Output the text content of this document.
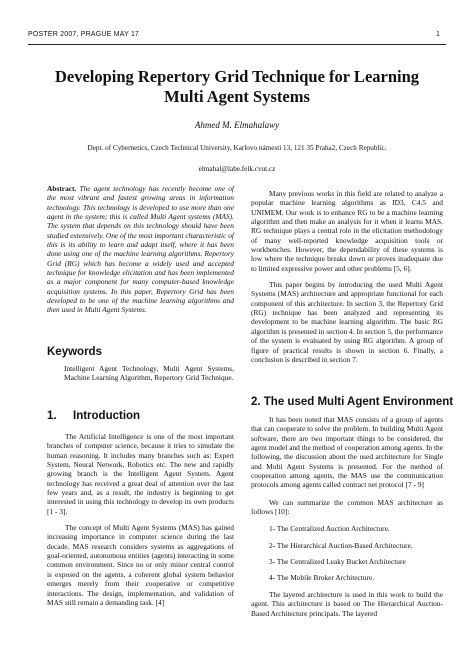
POSTER 2007, PRAGUE MAY 17	1
Developing Repertory Grid Technique for Learning
Multi Agent Systems
Ahmed M. Elmahalawy
Dept. of Cybernetics, Czech Technical University, Karlovo námestí 13, 121 35 Praha2, Czech Republic.
elmahal@labe.felk.cvut.cz

Abstract. The agent technology has recently become one of the most vibrant and fastest growing areas in information technology. This technology is developed to use more than one agent in the system; this is called Multi Agent systems (MAS). The system that depends on this technology should have been studied extensively. One of the most important characteristic of this is its ability to learn and adapt itself, where it has been done using one of the machine learning algorithms. Repertory Grid (RG) which has become a widely used and accepted technique for knowledge elicitation and has been implemented as a major component for many computer-based knowledge acquisition systems. In this paper, Repertory Grid has been developed to be one of the machine learning algorithms and then used in Multi Agent Systems.

Keywords
Intelligent Agent Technology, Multi Agent Systems, Machine Learning Algorithm, Repertory Grid Technique.
1. Introduction

The Artificial Intelligence is one of the most important branches of computer science, because it tries to simulate the human reasoning. It includes many branches such as: Expert System, Neural Network, Robotics etc. The new and rapidly growing branch is the Intelligent Agent System. Agent technology has received a great deal of attention over the last few years and, as a result, the industry is beginning to get interested in using this technology to develop its own products [1 - 3].

The concept of Multi Agent Systems (MAS) has gained increasing importance in computer science during the last decade. MAS research considers systems as aggregations of goal-oriented, autonomous entities (agents) interacting in some common environment. Since no or only minor central control is exposed on the agents, a coherent global system behavior emerges merely from their cooperative or competitive interactions. The design, implementation, and validation of MAS still remain a demanding task. [4]

Many previous works in this field are related to analyze a popular machine learning algorithms as ID3, C4.5 and UNIMEM. Our work is to enhance RG to be a machine learning algorithm and then make an analysis for it when it learns MAS. RG technique plays a central role in the elicitation methodology of many well-reported knowledge acquisition tools or workbenches. However, the dependability of these systems is low where the technique breaks down or proves inadequate due to limited expressive power and other problems [5, 6].

This paper begins by introducing the used Multi Agent Systems (MAS) architecture and appropriate functional for each component of this architecture. In section 3, the Repertory Grid (RG) technique has been analyzed and representing its development to be machine learning algorithm. The basic RG algorithm is presented in section 4. In section 5, the performance of the system is evaluated by using RG algorithm. A group of figure of practical results is shown in section 6. Finally, a conclusion is described in section 7.

2. The used Multi Agent Environment

It has been noted that MAS consists of a group of agents that can cooperate to solve the problem. In building Multi Agent software, there are two important things to be considered, the agent model and the method of cooperation among agents. In the following, the discussion about the used architecture for Single and Multi Agent Systems is presented. For the method of cooperation among agents, the MAS use the communication protocols among agents called contract net protocol [7 - 9]

We can summarize the common MAS architecture as follows [10]:

1- The Centralized Auction Architecture.

2- The Hierarchical Auction-Based Architecture.

3- The Centralized Leaky Bucket Architecture

4- The Mobile Broker Architecture.

The layered architecture is used in this work to build the agent. This architecture is based on The Hierarchical Auction-Based Architecture principals. The layered
